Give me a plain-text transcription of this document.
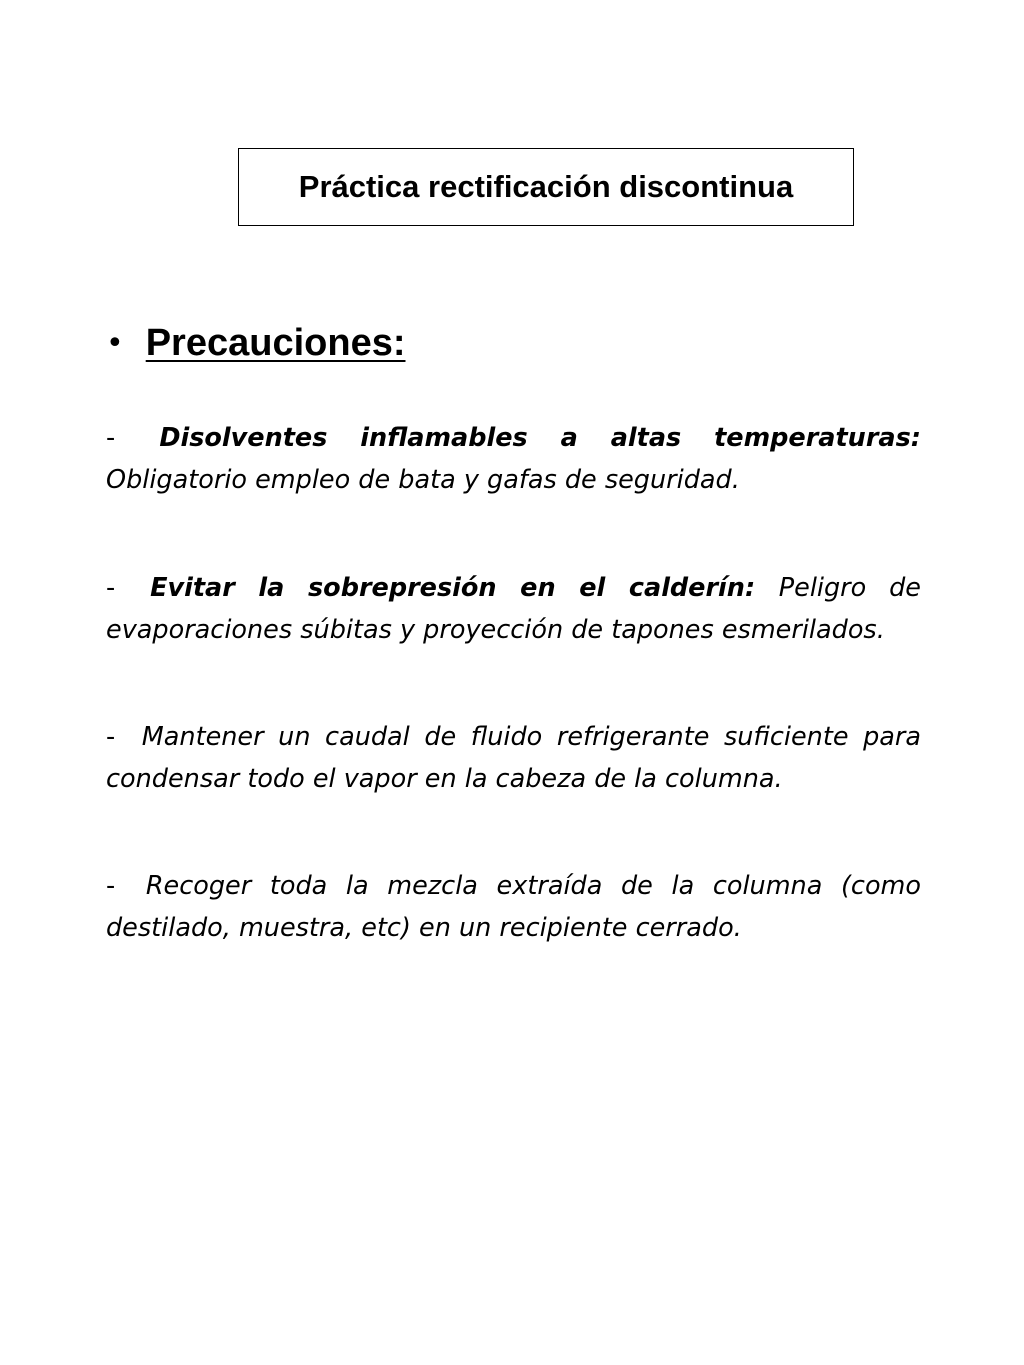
Práctica rectificación discontinua
• Precauciones:
- Disolventes inflamables a altas temperaturas: Obligatorio empleo de bata y gafas de seguridad.
- Evitar la sobrepresión en el calderín: Peligro de evaporaciones súbitas y proyección de tapones esmerilados.
- Mantener un caudal de fluido refrigerante suficiente para condensar todo el vapor en la cabeza de la columna.
- Recoger toda la mezcla extraída de la columna (como destilado, muestra, etc) en un recipiente cerrado.
